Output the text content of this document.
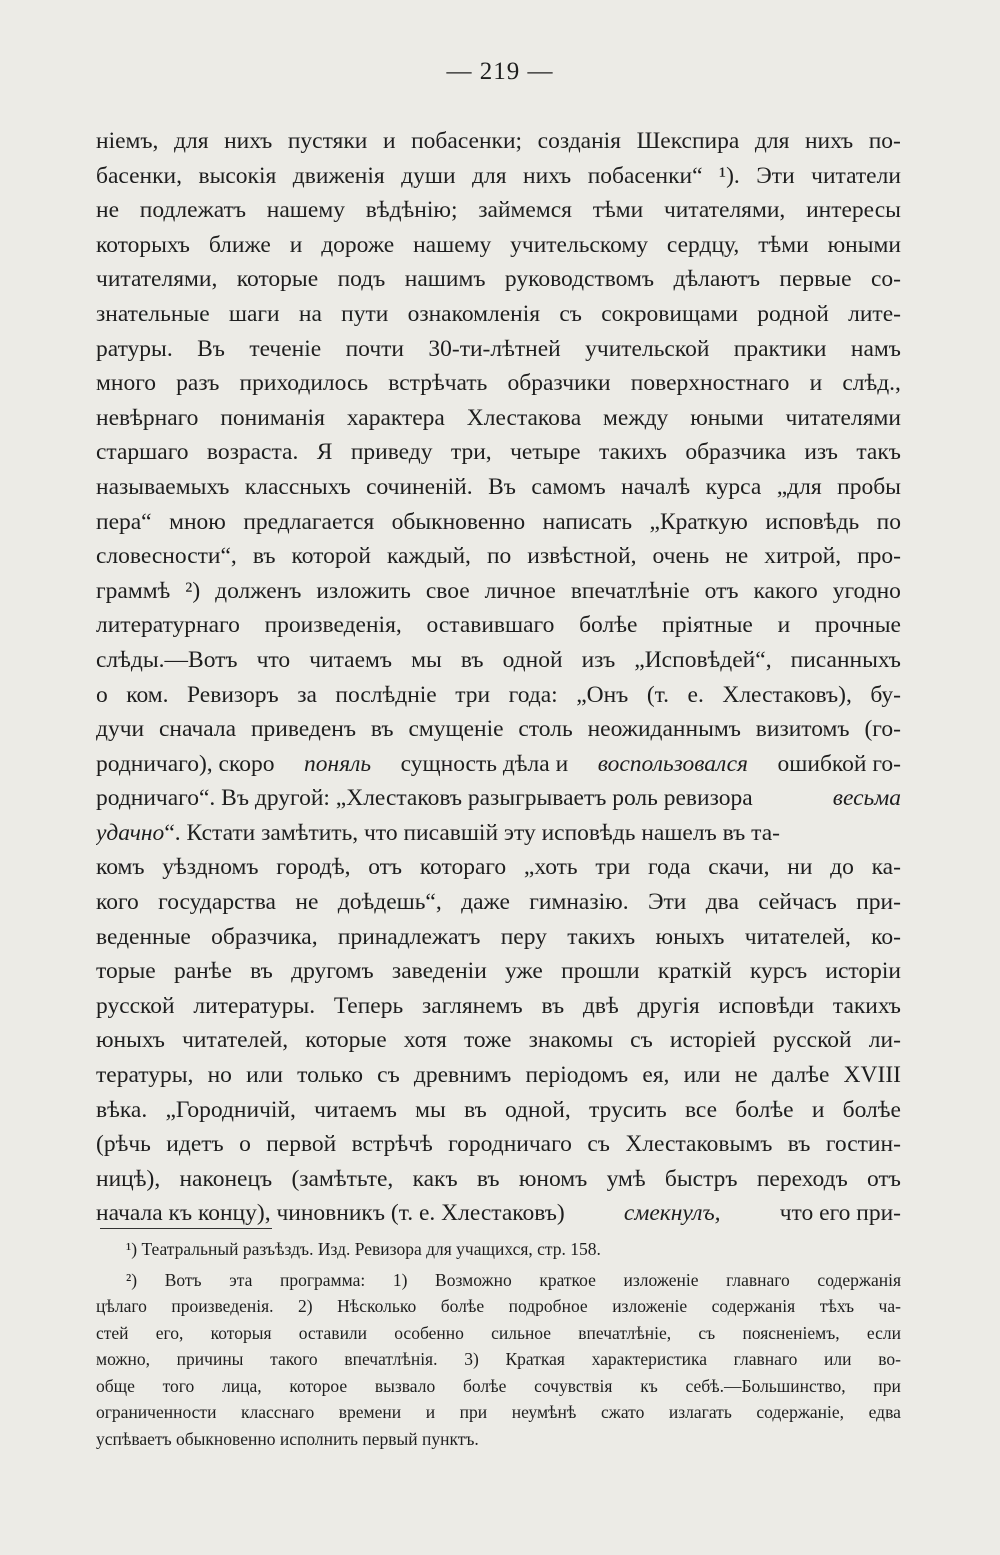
— 219 —
ніемъ, для нихъ пустяки и побасенки; созданія Шекспира для нихъ по-
басенки, высокія движенія души для нихъ побасенки“ ¹). Эти читатели
не подлежатъ нашему вѣдѣнію; займемся тѣми читателями, интересы
которыхъ ближе и дороже нашему учительскому сердцу, тѣми юными
читателями, которые подъ нашимъ руководствомъ дѣлаютъ первые со-
знательные шаги на пути ознакомленія съ сокровищами родной лите-
ратуры. Въ теченіе почти 30-ти-лѣтней учительской практики намъ
много разъ приходилось встрѣчать образчики поверхностнаго и слѣд.,
невѣрнаго пониманія характера Хлестакова между юными читателями
старшаго возраста. Я приведу три, четыре такихъ образчика изъ такъ
называемыхъ классныхъ сочиненій. Въ самомъ началѣ курса „для пробы
пера“ мною предлагается обыкновенно написать „Краткую исповѣдь по
словесности“, въ которой каждый, по извѣстной, очень не хитрой, про-
граммѣ ²) долженъ изложить свое личное впечатлѣніе отъ какого угодно
литературнаго произведенія, оставившаго болѣе пріятные и прочные
слѣды.—Вотъ что читаемъ мы въ одной изъ „Исповѣдей“, писанныхъ
о ком. Ревизоръ за послѣдніе три года: „Онъ (т. е. Хлестаковъ), бу-
дучи сначала приведенъ въ смущеніе столь неожиданнымъ визитомъ (го-
родничаго), скоро поняль сущность дѣла и воспользовался ошибкой го-
родничаго“. Въ другой: „Хлестаковъ разыгрываетъ роль ревизора	весьма
удачно“. Кстати замѣтить, что писавшій эту исповѣдь нашелъ въ та-
комъ уѣздномъ городѣ, отъ котораго „хоть три года скачи, ни до ка-
кого государства не доѣдешь“, даже гимназію. Эти два сейчасъ при-
веденные образчика, принадлежатъ перу такихъ юныхъ читателей, ко-
торые ранѣе въ другомъ заведеніи уже прошли краткій курсъ исторіи
русской литературы. Теперь заглянемъ въ двѣ другія исповѣди такихъ
юныхъ читателей, которые хотя тоже знакомы съ исторіей русской ли-
тературы, но или только съ древнимъ періодомъ ея, или не далѣе XVIII
вѣка. „Городничій, читаемъ мы въ одной, трусить все болѣе и болѣе
(рѣчь идетъ о первой встрѣчѣ городничаго съ Хлестаковымъ въ гостин-
ницѣ), наконецъ (замѣтьте, какъ въ юномъ умѣ быстръ переходъ отъ
начала къ концу), чиновникъ (т. е. Хлестаковъ)	смекнулъ,	что его при-
¹) Театральный разъѣздъ. Изд. Ревизора для учащихся, стр. 158.
²) Вотъ эта программа: 1) Возможно краткое изложеніе главнаго содержанія
цѣлаго произведенія. 2) Нѣсколько болѣе подробное изложеніе содержанія тѣхъ ча-
стей его, которыя оставили особенно сильное впечатлѣніе, съ поясненіемъ, если
можно, причины такого впечатлѣнія. 3) Краткая характеристика главнаго или во-
обще того лица, которое вызвало болѣе сочувствія къ себѣ.—Большинство, при
ограниченности класснаго времени и при неумѣнѣ сжато излагать содержаніе, едва
успѣваетъ обыкновенно исполнить первый пунктъ.
